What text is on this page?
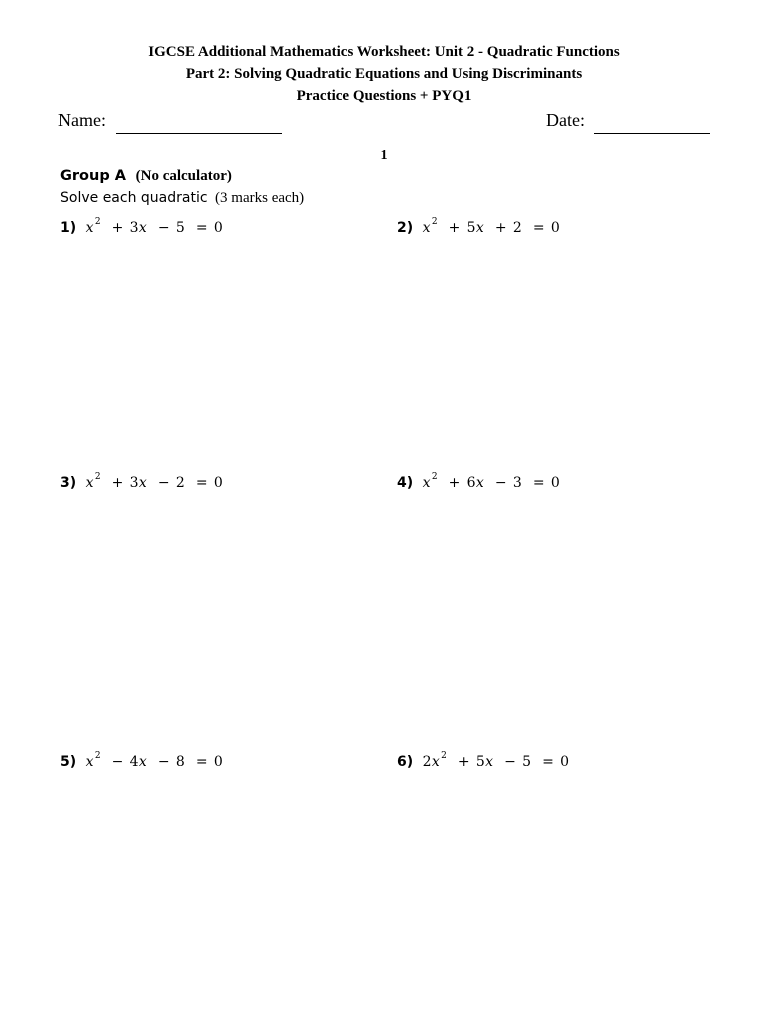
IGCSE Additional Mathematics Worksheet: Unit 2 - Quadratic Functions
Part 2: Solving Quadratic Equations and Using Discriminants
Practice Questions + PYQ1
Name:	Date:
1
Group A (No calculator)
Solve each quadratic (3 marks each)
1) $x^2 + 3x - 5 = 0$	2) $x^2 + 5x + 2 = 0$
3) $x^2 + 3x - 2 = 0$	4) $x^2 + 6x - 3 = 0$
5) $x^2 - 4x - 8 = 0$	6) $2x^2 + 5x - 5 = 0$
